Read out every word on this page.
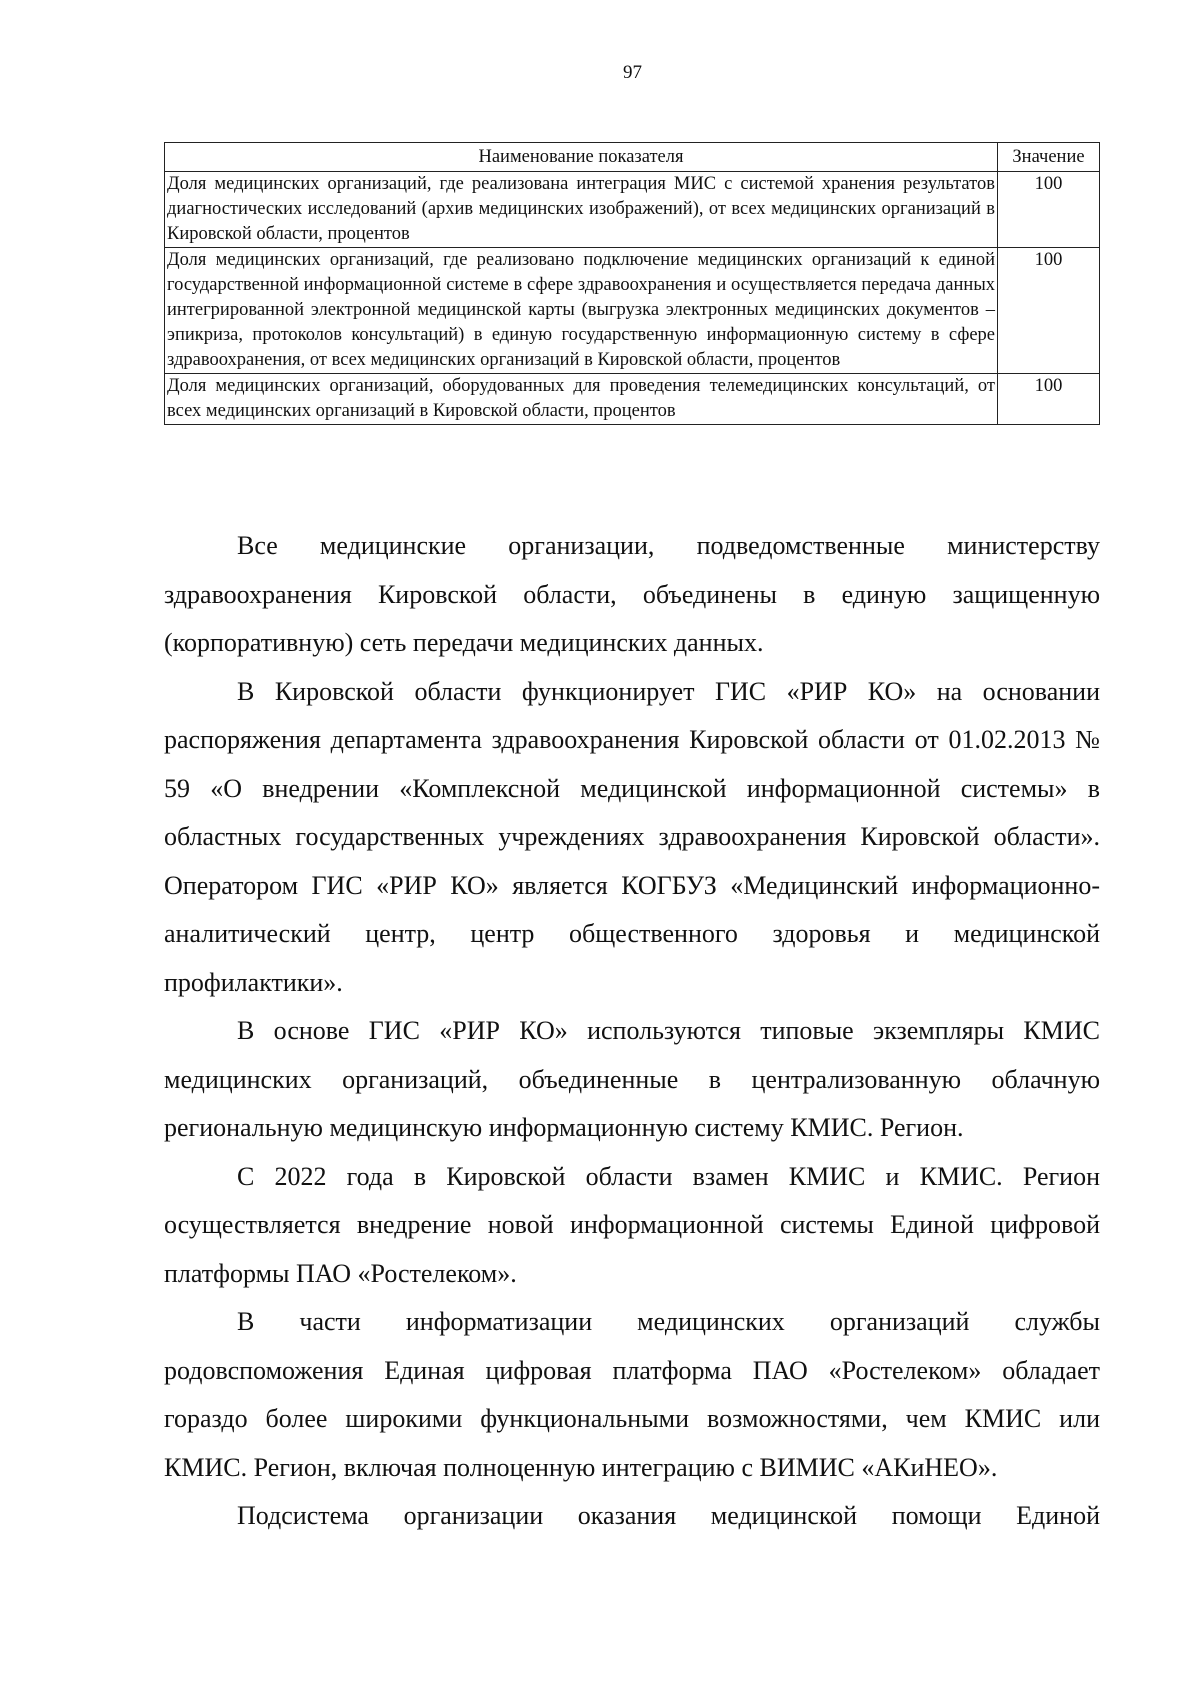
97
Наименование показателя	Значение
Доля медицинских организаций, где реализована интеграция МИС с системой хранения результатов диагностических исследований (архив медицинских изображений), от всех медицинских организаций в Кировской области, процентов	100
Доля медицинских организаций, где реализовано подключение медицинских организаций к единой государственной информационной системе в сфере здравоохранения и осуществляется передача данных интегрированной электронной медицинской карты (выгрузка электронных медицинских документов – эпикриза, протоколов консультаций) в единую государственную информационную систему в сфере здравоохранения, от всех медицинских организаций в Кировской области, процентов	100
Доля медицинских организаций, оборудованных для проведения телемедицинских консультаций, от всех медицинских организаций в Кировской области, процентов	100

Все медицинские организации, подведомственные министерству здравоохранения Кировской области, объединены в единую защищенную (корпоративную) сеть передачи медицинских данных.

В Кировской области функционирует ГИС «РИР КО» на основании распоряжения департамента здравоохранения Кировской области от 01.02.2013 № 59 «О внедрении «Комплексной медицинской информационной системы» в областных государственных учреждениях здравоохранения Кировской области». Оператором ГИС «РИР КО» является КОГБУЗ «Медицинский информационно-аналитический центр, центр общественного здоровья и медицинской профилактики».

В основе ГИС «РИР КО» используются типовые экземпляры КМИС медицинских организаций, объединенные в централизованную облачную региональную медицинскую информационную систему КМИС. Регион.

С 2022 года в Кировской области взамен КМИС и КМИС. Регион осуществляется внедрение новой информационной системы Единой цифровой платформы ПАО «Ростелеком».

В части информатизации медицинских организаций службы родовспоможения Единая цифровая платформа ПАО «Ростелеком» обладает гораздо более широкими функциональными возможностями, чем КМИС или КМИС. Регион, включая полноценную интеграцию с ВИМИС «АКиНЕО».

Подсистема организации оказания медицинской помощи Единой
